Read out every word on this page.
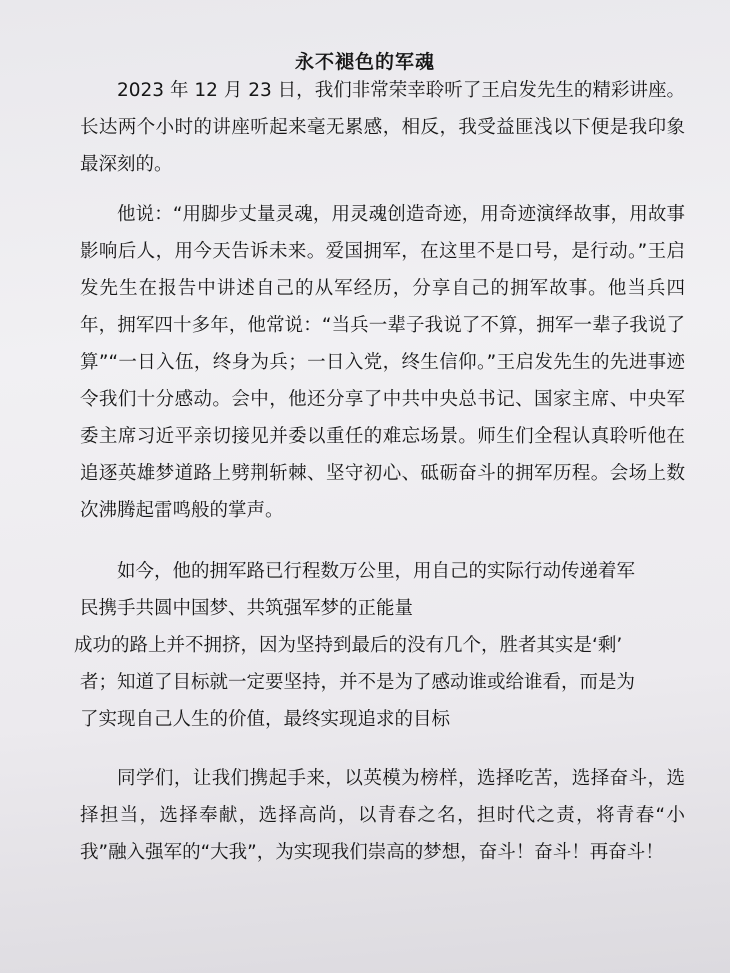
永不褪色的军魂

2023 年 12 月 23 日，我们非常荣幸聆听了王启发先生的精彩讲座。长达两个小时的讲座听起来毫无累感，相反，我受益匪浅以下便是我印象最深刻的。

他说：“用脚步丈量灵魂，用灵魂创造奇迹，用奇迹演绎故事，用故事影响后人，用今天告诉未来。爱国拥军，在这里不是口号，是行动。”王启发先生在报告中讲述自己的从军经历，分享自己的拥军故事。他当兵四年，拥军四十多年，他常说：“当兵一辈子我说了不算，拥军一辈子我说了算”“一日入伍，终身为兵；一日入党，终生信仰。”王启发先生的先进事迹令我们十分感动。会中，他还分享了中共中央总书记、国家主席、中央军委主席习近平亲切接见并委以重任的难忘场景。师生们全程认真聆听他在追逐英雄梦道路上劈荆斩棘、坚守初心、砥砺奋斗的拥军历程。会场上数次沸腾起雷鸣般的掌声。

如今，他的拥军路已行程数万公里，用自己的实际行动传递着军
民携手共圆中国梦、共筑强军梦的正能量
成功的路上并不拥挤，因为坚持到最后的没有几个，胜者其实是‘剩’
者；知道了目标就一定要坚持，并不是为了感动谁或给谁看，而是为
了实现自己人生的价值，最终实现追求的目标

同学们，让我们携起手来，以英模为榜样，选择吃苦，选择奋斗，选择担当，选择奉献，选择高尚，以青春之名，担时代之责，将青春“小我”融入强军的“大我”，为实现我们崇高的梦想，奋斗！奋斗！再奋斗！
